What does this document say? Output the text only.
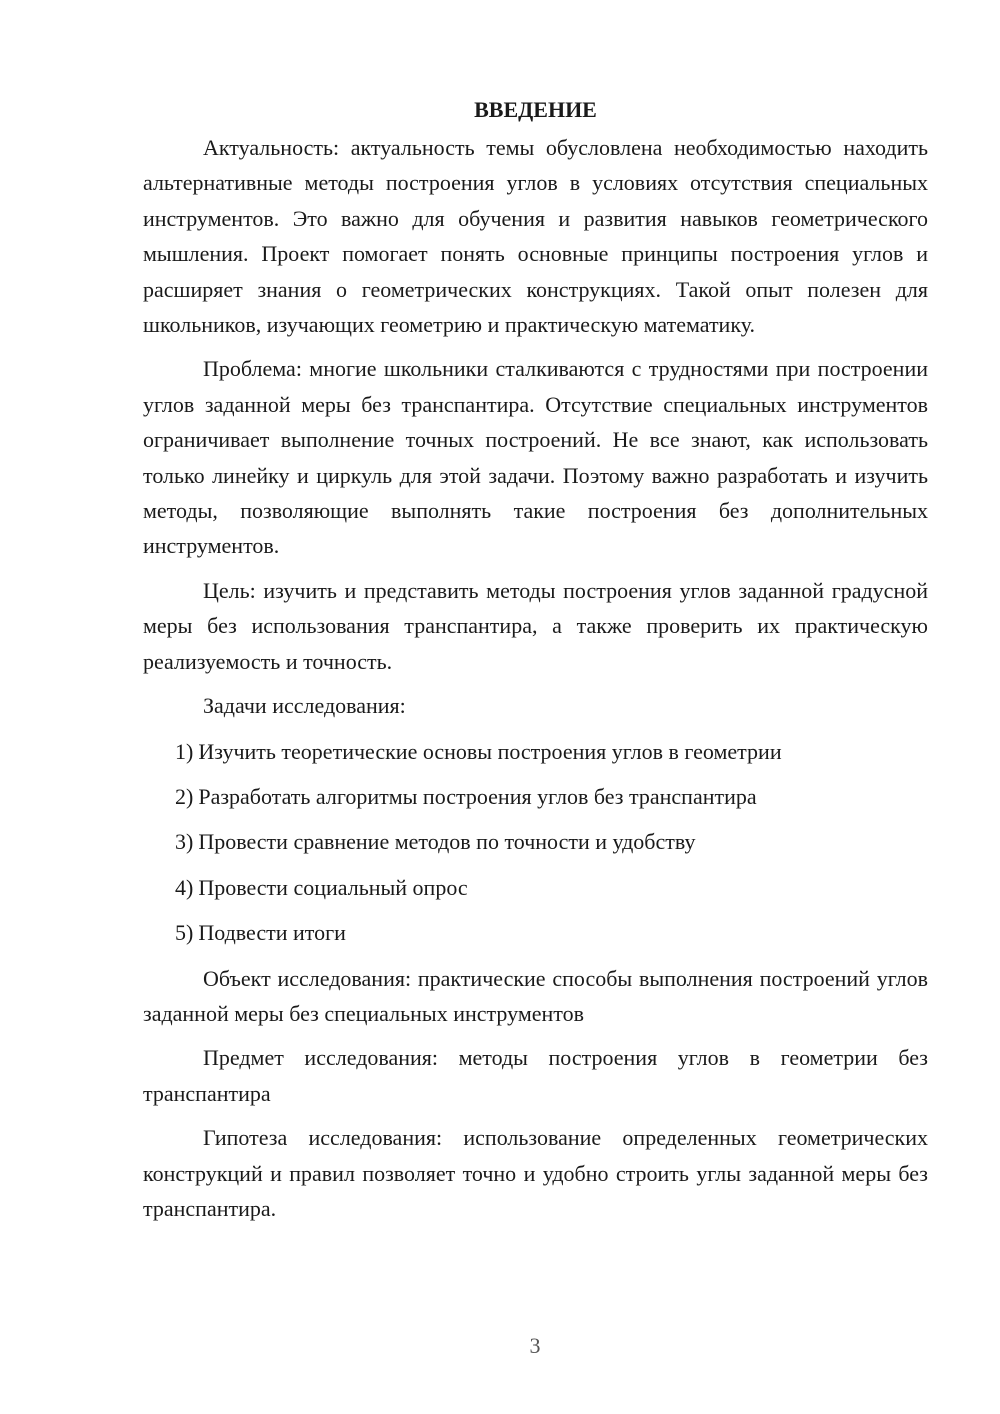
ВВЕДЕНИЕ

Актуальность: актуальность темы обусловлена необходимостью находить альтернативные методы построения углов в условиях отсутствия специальных инструментов. Это важно для обучения и развития навыков геометрического мышления. Проект помогает понять основные принципы построения углов и расширяет знания о геометрических конструкциях. Такой опыт полезен для школьников, изучающих геометрию и практическую математику.

Проблема: многие школьники сталкиваются с трудностями при построении углов заданной меры без транспантира. Отсутствие специальных инструментов ограничивает выполнение точных построений. Не все знают, как использовать только линейку и циркуль для этой задачи. Поэтому важно разработать и изучить методы, позволяющие выполнять такие построения без дополнительных инструментов.

Цель: изучить и представить методы построения углов заданной градусной меры без использования транспантира, а также проверить их практическую реализуемость и точность.

Задачи исследования:

1) Изучить теоретические основы построения углов в геометрии
2) Разработать алгоритмы построения углов без транспантира
3) Провести сравнение методов по точности и удобству
4) Провести социальный опрос
5) Подвести итоги

Объект исследования: практические способы выполнения построений углов заданной меры без специальных инструментов

Предмет исследования: методы построения углов в геометрии без транспантира

Гипотеза исследования: использование определенных геометрических конструкций и правил позволяет точно и удобно строить углы заданной меры без транспантира.

3
